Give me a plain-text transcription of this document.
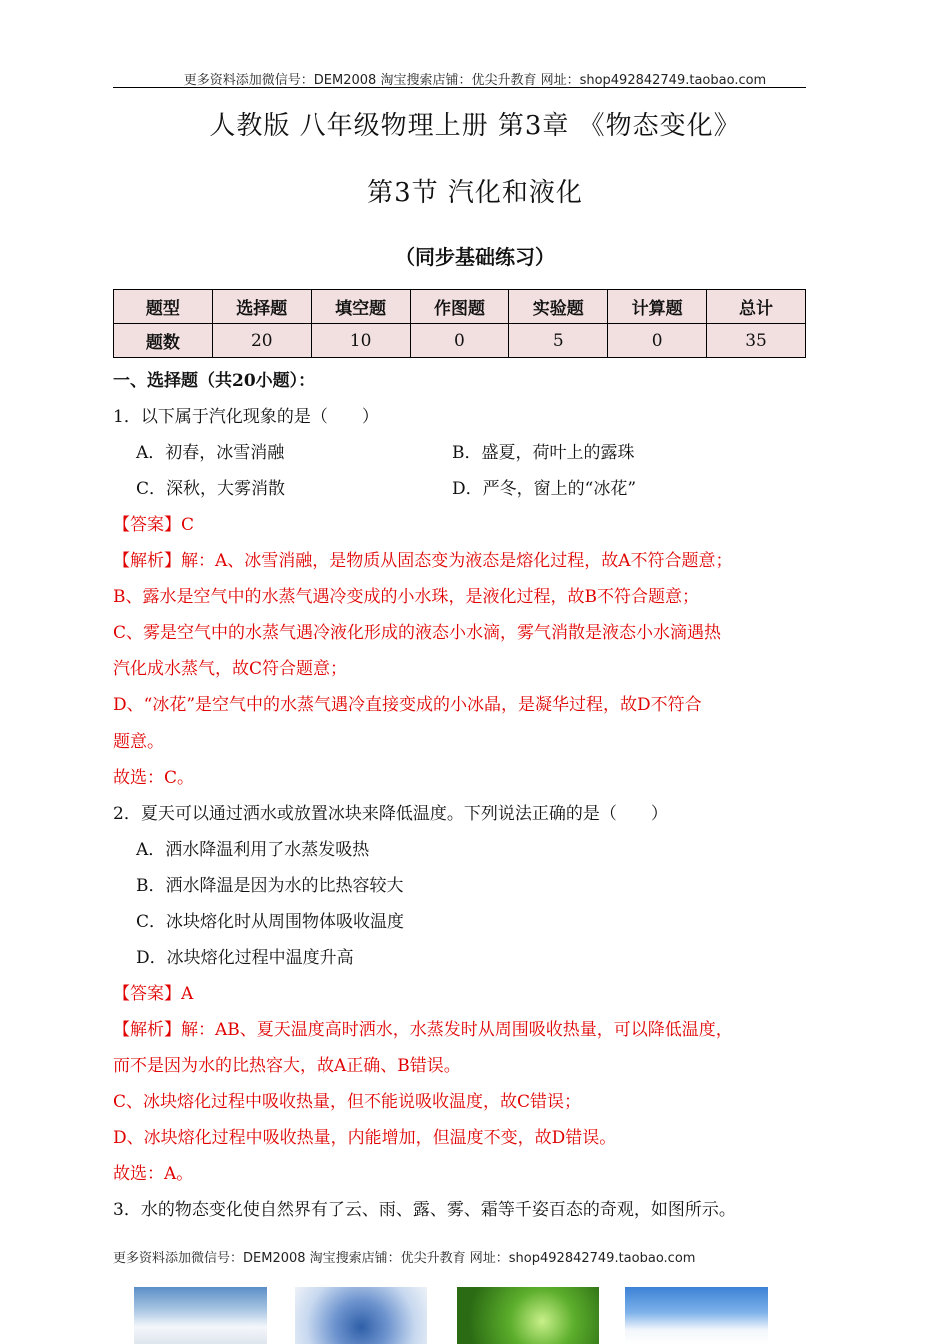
更多资料添加微信号：DEM2008 淘宝搜索店铺：优尖升教育 网址：shop492842749.taobao.com
人教版 八年级物理上册 第3章 《物态变化》
第3节 汽化和液化
（同步基础练习）
题型	选择题	填空题	作图题	实验题	计算题	总计
题数	20	10	0	5	0	35
一、选择题（共20小题）：
1．以下属于汽化现象的是（　　）
A．初春，冰雪消融	B．盛夏，荷叶上的露珠
C．深秋，大雾消散	D．严冬，窗上的“冰花”
【答案】C
【解析】解：A、冰雪消融，是物质从固态变为液态是熔化过程，故A不符合题意；
B、露水是空气中的水蒸气遇冷变成的小水珠，是液化过程，故B不符合题意；
C、雾是空气中的水蒸气遇冷液化形成的液态小水滴，雾气消散是液态小水滴遇热
汽化成水蒸气，故C符合题意；
D、“冰花”是空气中的水蒸气遇冷直接变成的小冰晶，是凝华过程，故D不符合
题意。
故选：C。
2．夏天可以通过洒水或放置冰块来降低温度。下列说法正确的是（　　）
A．洒水降温利用了水蒸发吸热
B．洒水降温是因为水的比热容较大
C．冰块熔化时从周围物体吸收温度
D．冰块熔化过程中温度升高
【答案】A
【解析】解：AB、夏天温度高时洒水，水蒸发时从周围吸收热量，可以降低温度，
而不是因为水的比热容大，故A正确、B错误。
C、冰块熔化过程中吸收热量，但不能说吸收温度，故C错误；
D、冰块熔化过程中吸收热量，内能增加，但温度不变，故D错误。
故选：A。
3．水的物态变化使自然界有了云、雨、露、雾、霜等千姿百态的奇观，如图所示。
更多资料添加微信号：DEM2008 淘宝搜索店铺：优尖升教育 网址：shop492842749.taobao.com
